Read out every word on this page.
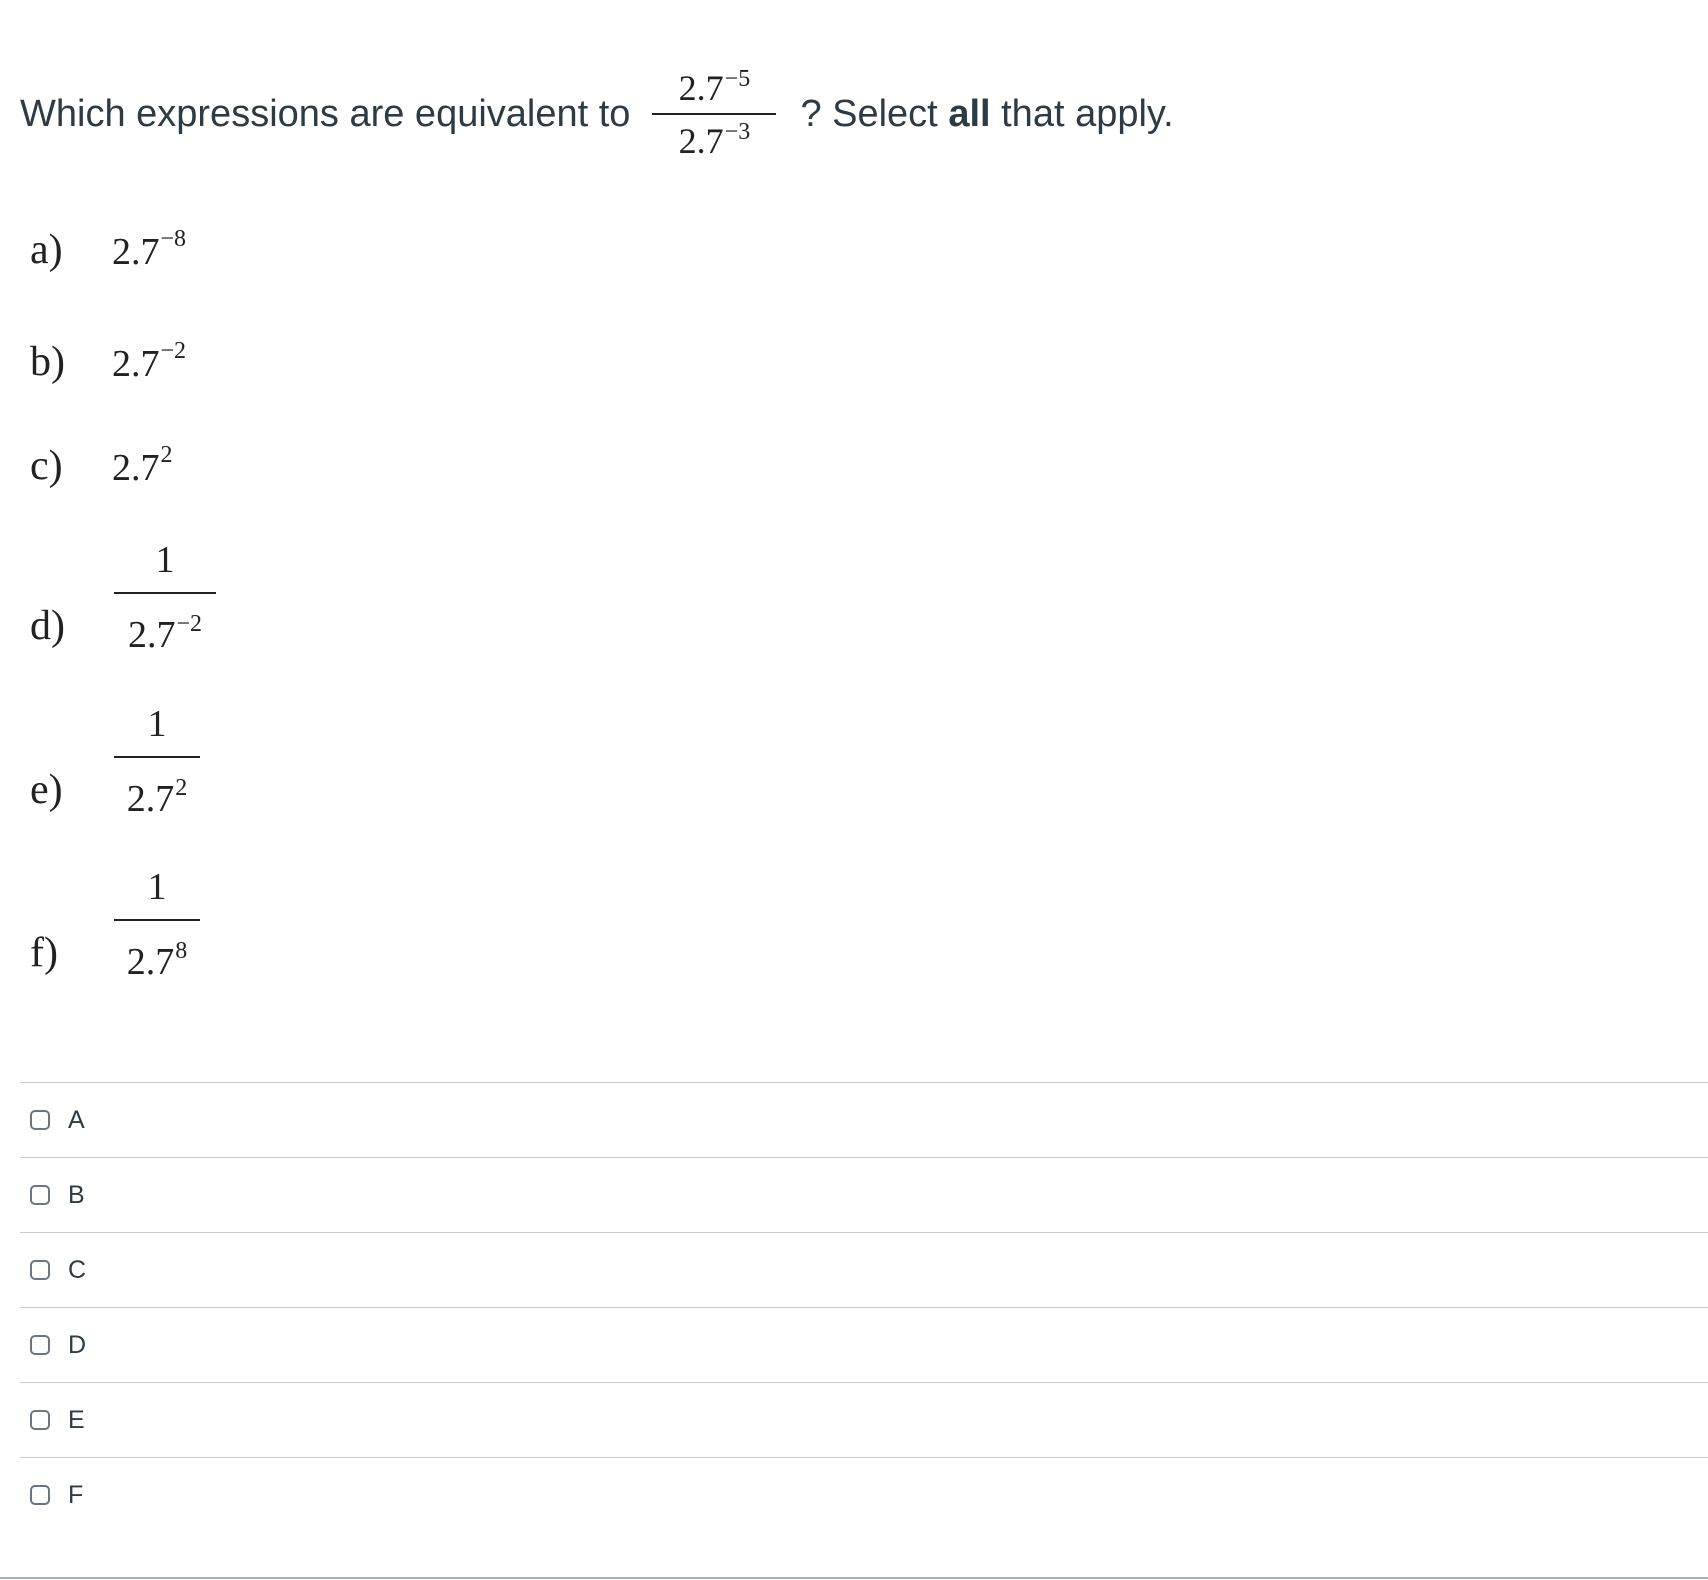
Which expressions are equivalent to $\frac{2.7^{-5}}{2.7^{-3}}$ ? Select all that apply.
a)	$2.7^{-8}$
b)	$2.7^{-2}$
c)	$2.7^2$
d)
1
$2.7^{-2}$
e)
1
$2.7^2$
f)
1
$2.7^8$
A
B
C
D
E
F
